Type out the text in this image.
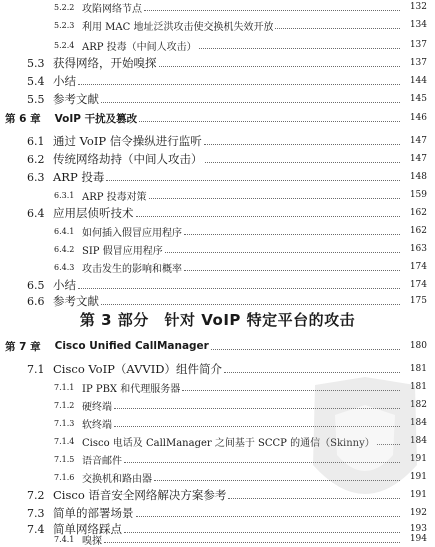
5.2.2 攻陷网络节点	132
5.2.3 利用 MAC 地址泛洪攻击使交换机失效开放	134
5.2.4 ARP 投毒（中间人攻击）	137
5.3 获得网络，开始嗅探	137
5.4 小结	144
5.5 参考文献	145
第 6 章 VoIP 干扰及篡改	146
6.1 通过 VoIP 信令操纵进行监听	147
6.2 传统网络劫持（中间人攻击）	147
6.3 ARP 投毒	148
6.3.1 ARP 投毒对策	159
6.4 应用层侦听技术	162
6.4.1 如何插入假冒应用程序	162
6.4.2 SIP 假冒应用程序	163
6.4.3 攻击发生的影响和概率	174
6.5 小结	174
6.6 参考文献	175
第 3 部分 针对 VoIP 特定平台的攻击
第 7 章 Cisco Unified CallManager	180
7.1 Cisco VoIP（AVVID）组件简介	181
7.1.1 IP PBX 和代理服务器	181
7.1.2 硬终端	182
7.1.3 软终端	184
7.1.4 Cisco 电话及 CallManager 之间基于 SCCP 的通信（Skinny）	184
7.1.5 语音邮件	191
7.1.6 交换机和路由器	191
7.2 Cisco 语音安全网络解决方案参考	191
7.3 简单的部署场景	192
7.4 简单网络踩点	193
7.4.1 嗅探	194
